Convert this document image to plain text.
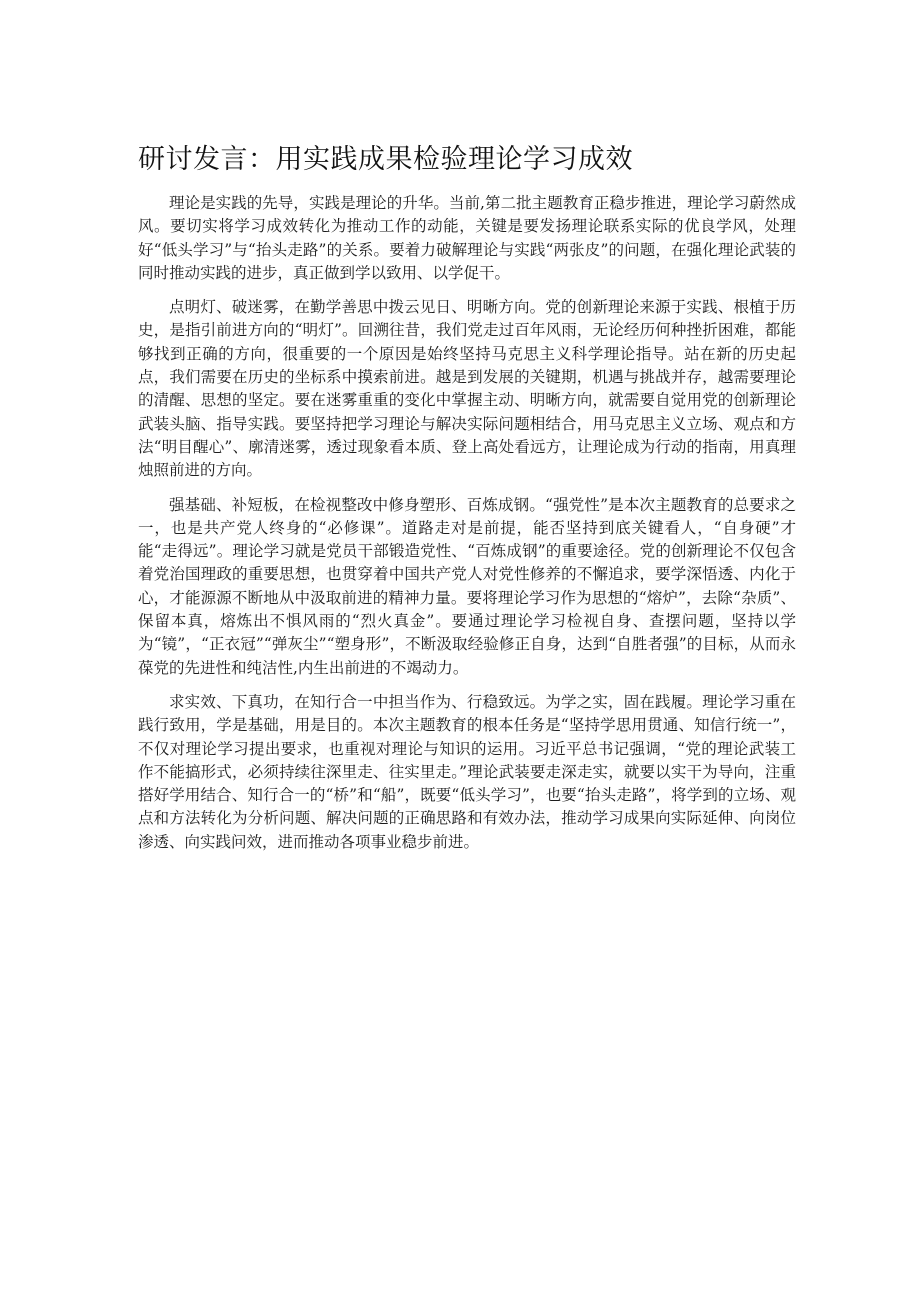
研讨发言：用实践成果检验理论学习成效

理论是实践的先导，实践是理论的升华。当前,第二批主题教育正稳步推进，理论学习蔚然成风。要切实将学习成效转化为推动工作的动能，关键是要发扬理论联系实际的优良学风，处理好“低头学习”与“抬头走路”的关系。要着力破解理论与实践“两张皮”的问题，在强化理论武装的同时推动实践的进步，真正做到学以致用、以学促干。

点明灯、破迷雾，在勤学善思中拨云见日、明晰方向。党的创新理论来源于实践、根植于历史，是指引前进方向的“明灯”。回溯往昔，我们党走过百年风雨，无论经历何种挫折困难，都能够找到正确的方向，很重要的一个原因是始终坚持马克思主义科学理论指导。站在新的历史起点，我们需要在历史的坐标系中摸索前进。越是到发展的关键期，机遇与挑战并存，越需要理论的清醒、思想的坚定。要在迷雾重重的变化中掌握主动、明晰方向，就需要自觉用党的创新理论武装头脑、指导实践。要坚持把学习理论与解决实际问题相结合，用马克思主义立场、观点和方法“明目醒心”、廓清迷雾，透过现象看本质、登上高处看远方，让理论成为行动的指南，用真理烛照前进的方向。

强基础、补短板，在检视整改中修身塑形、百炼成钢。“强党性”是本次主题教育的总要求之一，也是共产党人终身的“必修课”。道路走对是前提，能否坚持到底关键看人，“自身硬”才能“走得远”。理论学习就是党员干部锻造党性、“百炼成钢”的重要途径。党的创新理论不仅包含着党治国理政的重要思想，也贯穿着中国共产党人对党性修养的不懈追求，要学深悟透、内化于心，才能源源不断地从中汲取前进的精神力量。要将理论学习作为思想的“熔炉”，去除“杂质”、保留本真，熔炼出不惧风雨的“烈火真金”。要通过理论学习检视自身、查摆问题，坚持以学为“镜”，“正衣冠”“弹灰尘”“塑身形”，不断汲取经验修正自身，达到“自胜者强”的目标，从而永葆党的先进性和纯洁性,内生出前进的不竭动力。

求实效、下真功，在知行合一中担当作为、行稳致远。为学之实，固在践履。理论学习重在践行致用，学是基础，用是目的。本次主题教育的根本任务是“坚持学思用贯通、知信行统一”，不仅对理论学习提出要求，也重视对理论与知识的运用。习近平总书记强调，“党的理论武装工作不能搞形式，必须持续往深里走、往实里走。”理论武装要走深走实，就要以实干为导向，注重搭好学用结合、知行合一的“桥”和“船”，既要“低头学习”，也要“抬头走路”，将学到的立场、观点和方法转化为分析问题、解决问题的正确思路和有效办法，推动学习成果向实际延伸、向岗位渗透、向实践问效，进而推动各项事业稳步前进。
